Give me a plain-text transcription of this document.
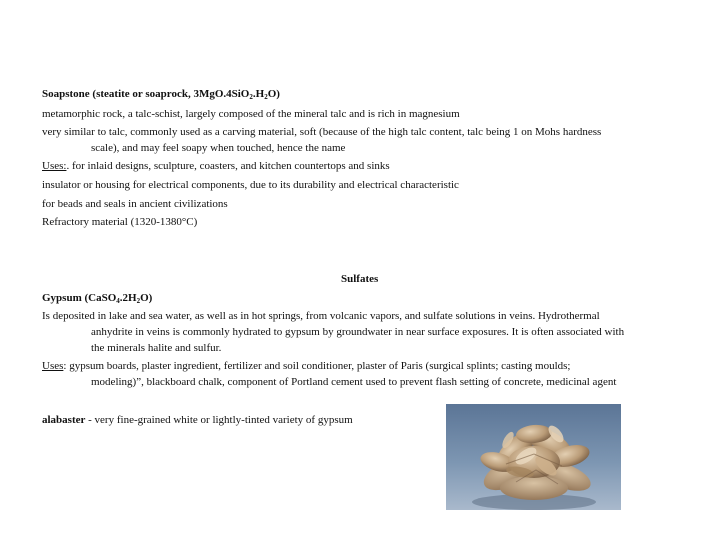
Soapstone (steatite or soaprock, $3MgO.4SiO_2.H_2O$)
metamorphic rock, a talc-schist, largely composed of the mineral talc and is rich in magnesium
very similar to talc, commonly used as a carving material, soft (because of the high talc content, talc being 1 on Mohs hardness
scale), and may feel soapy when touched, hence the name
Uses:. for inlaid designs, sculpture, coasters, and kitchen countertops and sinks
insulator or housing for electrical components, due to its durability and electrical characteristic
for beads and seals in ancient civilizations
Refractory material (1320-1380°C)
Sulfates
Gypsum $(CaSO_4.2H_2O)$
Is deposited in lake and sea water, as well as in hot springs, from volcanic vapors, and sulfate solutions in veins. Hydrothermal
anhydrite in veins is commonly hydrated to gypsum by groundwater in near surface exposures. It is often associated with
the minerals halite and sulfur.
Uses: gypsum boards, plaster ingredient, fertilizer and soil conditioner, plaster of Paris (surgical splints; casting moulds;
modeling)”, blackboard chalk, component of Portland cement used to prevent flash setting of concrete, medicinal agent
alabaster - very fine-grained white or lightly-tinted variety of gypsum
